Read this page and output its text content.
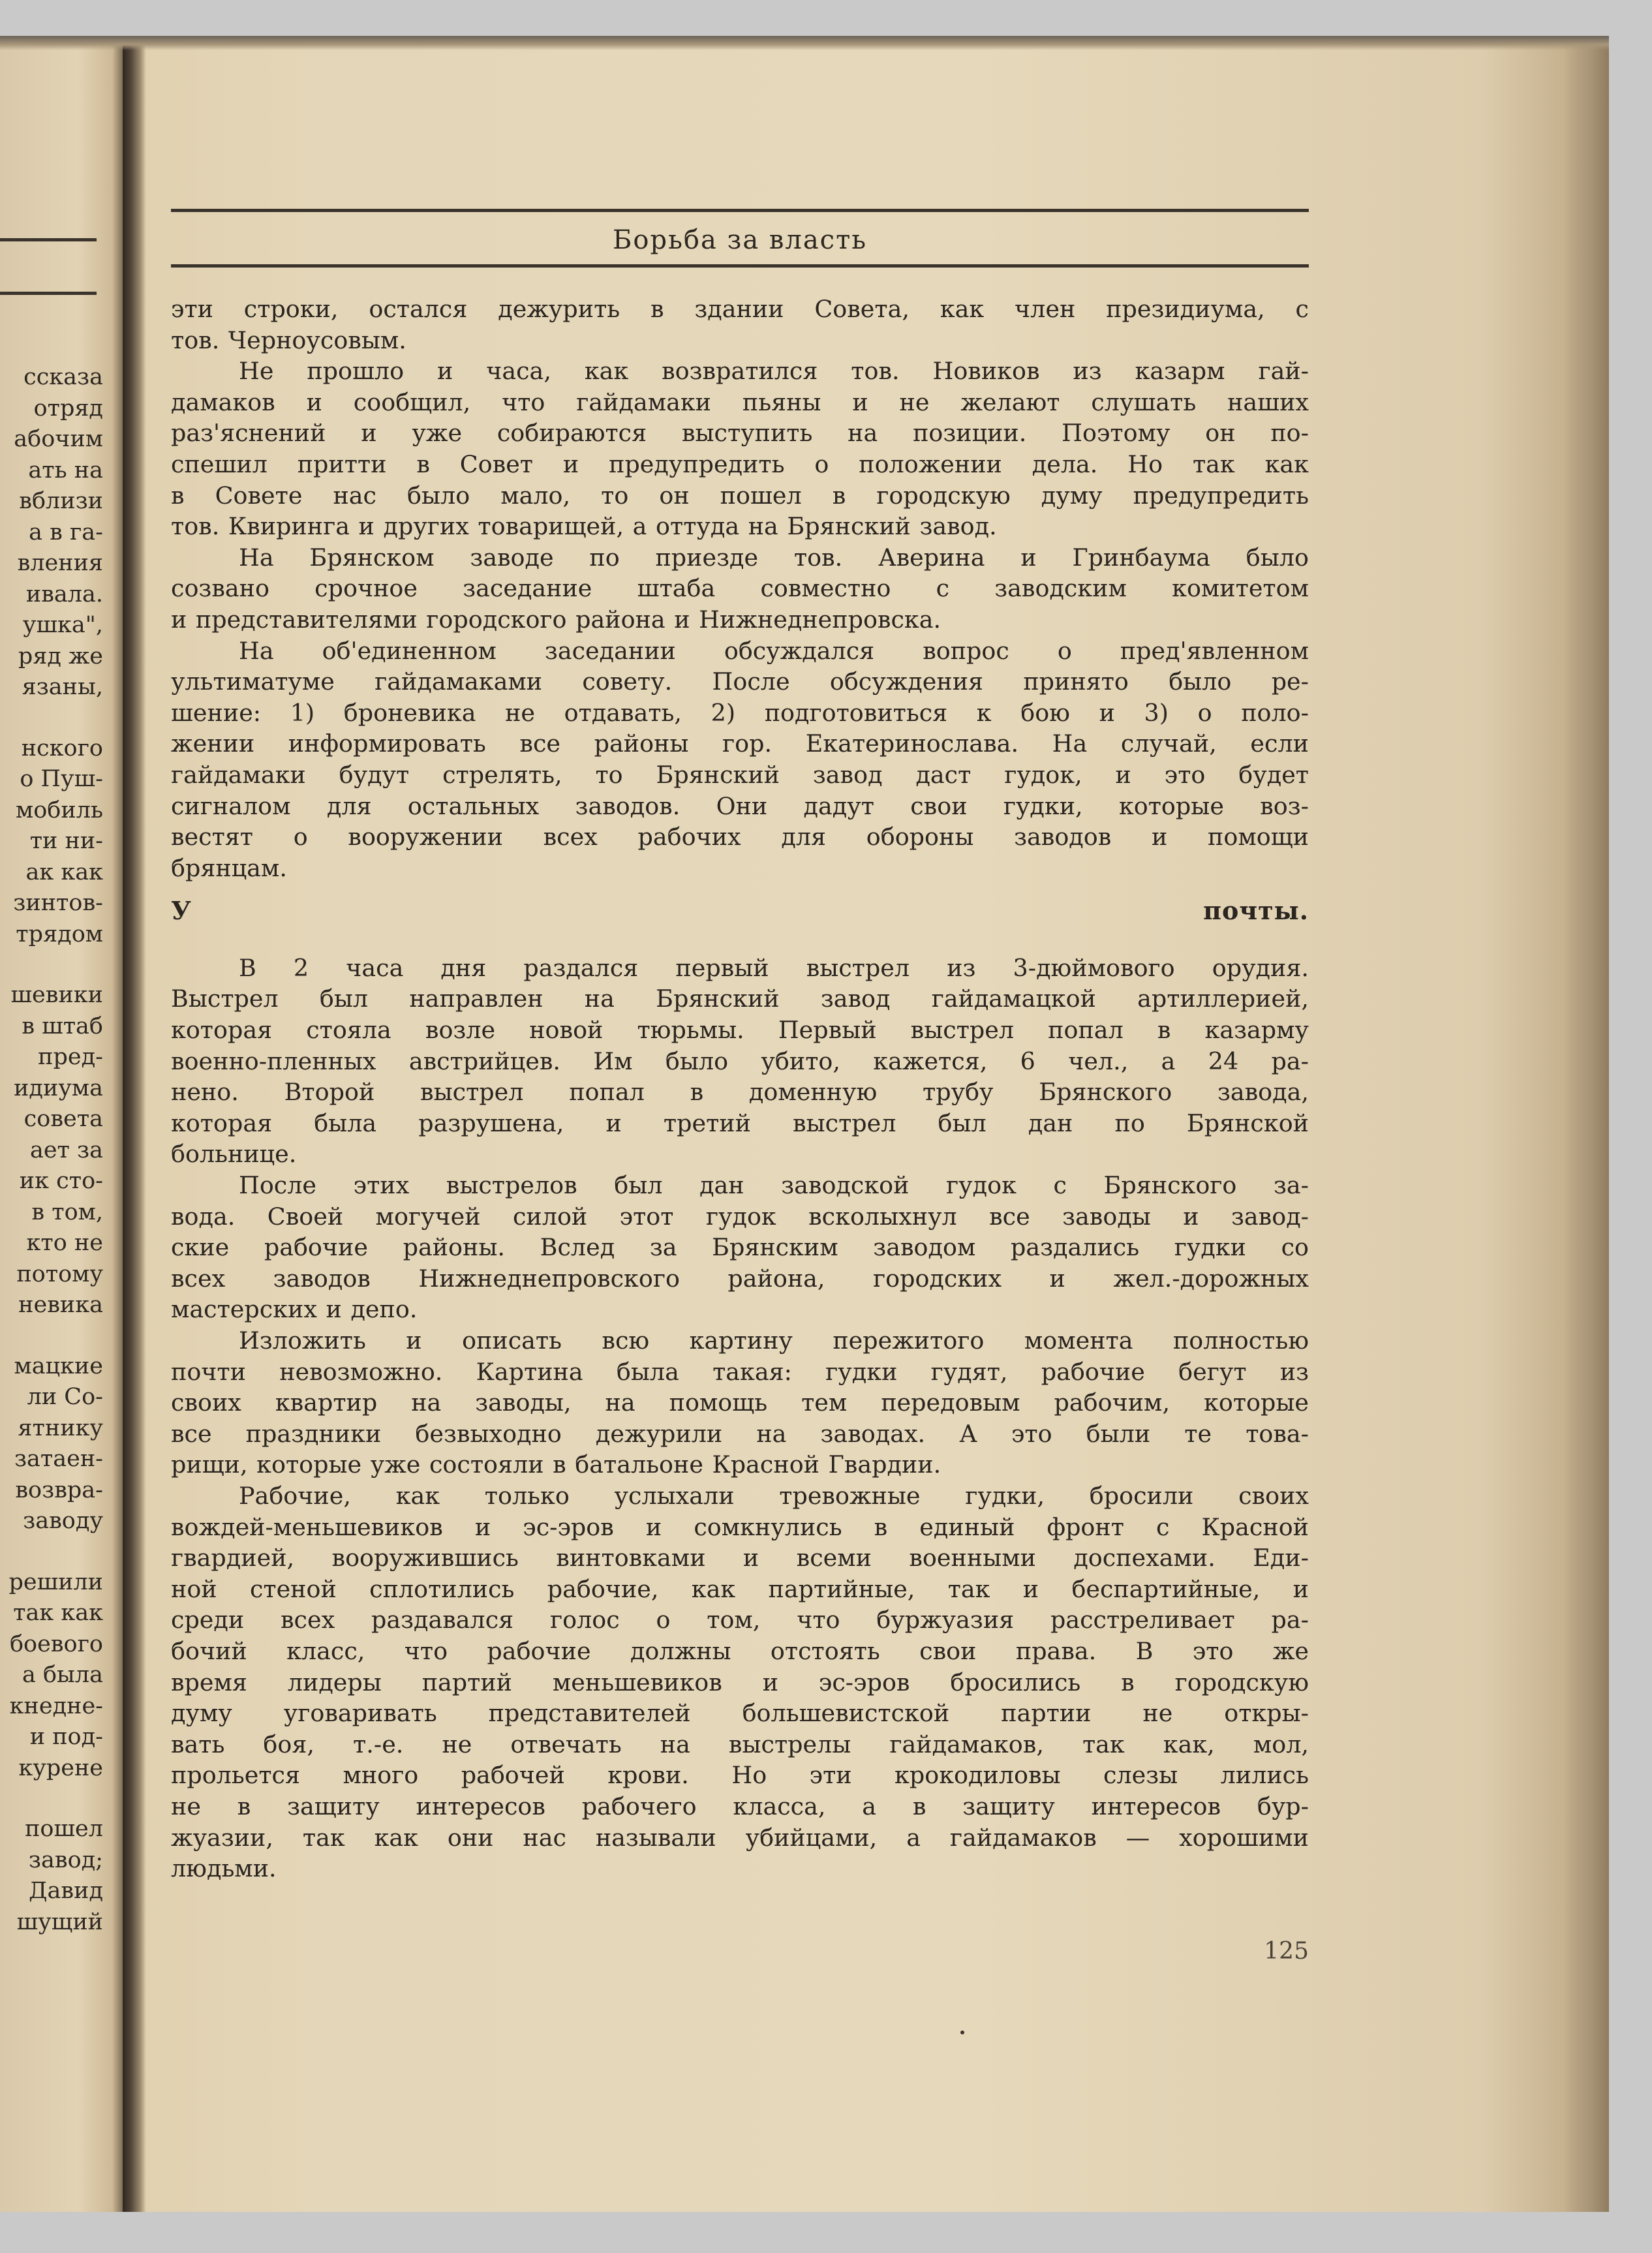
ссказа
отряд
абочим
ать на
вблизи
а в га-
вления
ивала.
ушка",
ряд же
язаны,
нского
о Пуш-
мобиль
ти ни-
ак как
зинтов-
трядом
шевики
в штаб
пред-
идиума
совета
ает за
ик сто-
в том,
кто не
потому
невика
мацкие
ли Со-
ятнику
затаен-
возвра-
заводу
решили
так как
боевого
а была
кнедне-
и под-
курене
пошел
завод;
Давид
шущий
Борьба за власть
эти строки, остался дежурить в здании Совета, как член президиума, с
тов. Черноусовым.
Не прошло и часа, как возвратился тов. Новиков из казарм гай-
дамаков и сообщил, что гайдамаки пьяны и не желают слушать наших
раз'яснений и уже собираются выступить на позиции. Поэтому он по-
спешил притти в Совет и предупредить о положении дела. Но так как
в Совете нас было мало, то он пошел в городскую думу предупредить
тов. Квиринга и других товарищей, а оттуда на Брянский завод.
На Брянском заводе по приезде тов. Аверина и Гринбаума было
созвано срочное заседание штаба совместно с заводским комитетом
и представителями городского района и Нижнеднепровска.
На об'единенном заседании обсуждался вопрос о пред'явленном
ультиматуме гайдамаками совету. После обсуждения принято было ре-
шение: 1) броневика не отдавать, 2) подготовиться к бою и 3) о поло-
жении информировать все районы гор. Екатеринослава. На случай, если
гайдамаки будут стрелять, то Брянский завод даст гудок, и это будет
сигналом для остальных заводов. Они дадут свои гудки, которые воз-
вестят о вооружении всех рабочих для обороны заводов и помощи
брянцам.
У почты.
В 2 часа дня раздался первый выстрел из 3-дюймового орудия.
Выстрел был направлен на Брянский завод гайдамацкой артиллерией,
которая стояла возле новой тюрьмы. Первый выстрел попал в казарму
военно-пленных австрийцев. Им было убито, кажется, 6 чел., а 24 ра-
нено. Второй выстрел попал в доменную трубу Брянского завода,
которая была разрушена, и третий выстрел был дан по Брянской
больнице.
После этих выстрелов был дан заводской гудок с Брянского за-
вода. Своей могучей силой этот гудок всколыхнул все заводы и завод-
ские рабочие районы. Вслед за Брянским заводом раздались гудки со
всех заводов Нижнеднепровского района, городских и жел.-дорожных
мастерских и депо.
Изложить и описать всю картину пережитого момента полностью
почти невозможно. Картина была такая: гудки гудят, рабочие бегут из
своих квартир на заводы, на помощь тем передовым рабочим, которые
все праздники безвыходно дежурили на заводах. А это были те това-
рищи, которые уже состояли в батальоне Красной Гвардии.
Рабочие, как только услыхали тревожные гудки, бросили своих
вождей-меньшевиков и эс-эров и сомкнулись в единый фронт с Красной
гвардией, вооружившись винтовками и всеми военными доспехами. Еди-
ной стеной сплотились рабочие, как партийные, так и беспартийные, и
среди всех раздавался голос о том, что буржуазия расстреливает ра-
бочий класс, что рабочие должны отстоять свои права. В это же
время лидеры партий меньшевиков и эс-эров бросились в городскую
думу уговаривать представителей большевистской партии не откры-
вать боя, т.-е. не отвечать на выстрелы гайдамаков, так как, мол,
прольется много рабочей крови. Но эти крокодиловы слезы лились
не в защиту интересов рабочего класса, а в защиту интересов бур-
жуазии, так как они нас называли убийцами, а гайдамаков — хорошими
людьми.
125
